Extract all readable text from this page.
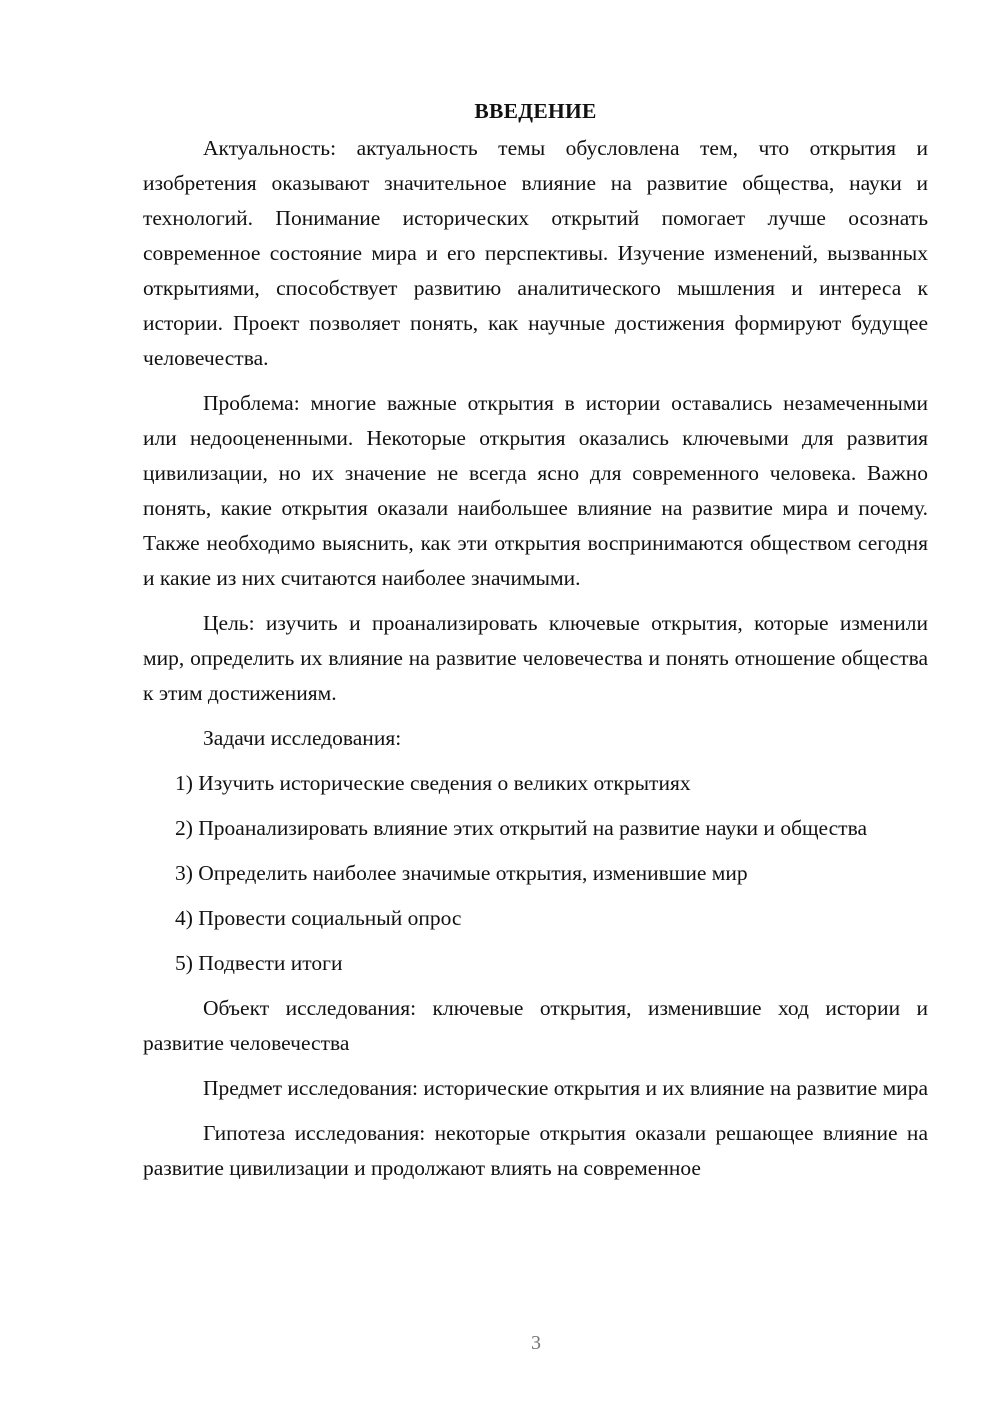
ВВЕДЕНИЕ

Актуальность: актуальность темы обусловлена тем, что открытия и изобретения оказывают значительное влияние на развитие общества, науки и технологий. Понимание исторических открытий помогает лучше осознать современное состояние мира и его перспективы. Изучение изменений, вызванных открытиями, способствует развитию аналитического мышления и интереса к истории. Проект позволяет понять, как научные достижения формируют будущее человечества.

Проблема: многие важные открытия в истории оставались незамеченными или недооцененными. Некоторые открытия оказались ключевыми для развития цивилизации, но их значение не всегда ясно для современного человека. Важно понять, какие открытия оказали наибольшее влияние на развитие мира и почему. Также необходимо выяснить, как эти открытия воспринимаются обществом сегодня и какие из них считаются наиболее значимыми.

Цель: изучить и проанализировать ключевые открытия, которые изменили мир, определить их влияние на развитие человечества и понять отношение общества к этим достижениям.

Задачи исследования:

1) Изучить исторические сведения о великих открытиях

2) Проанализировать влияние этих открытий на развитие науки и общества

3) Определить наиболее значимые открытия, изменившие мир

4) Провести социальный опрос

5) Подвести итоги

Объект исследования: ключевые открытия, изменившие ход истории и развитие человечества

Предмет исследования: исторические открытия и их влияние на развитие мира

Гипотеза исследования: некоторые открытия оказали решающее влияние на развитие цивилизации и продолжают влиять на современное

3
